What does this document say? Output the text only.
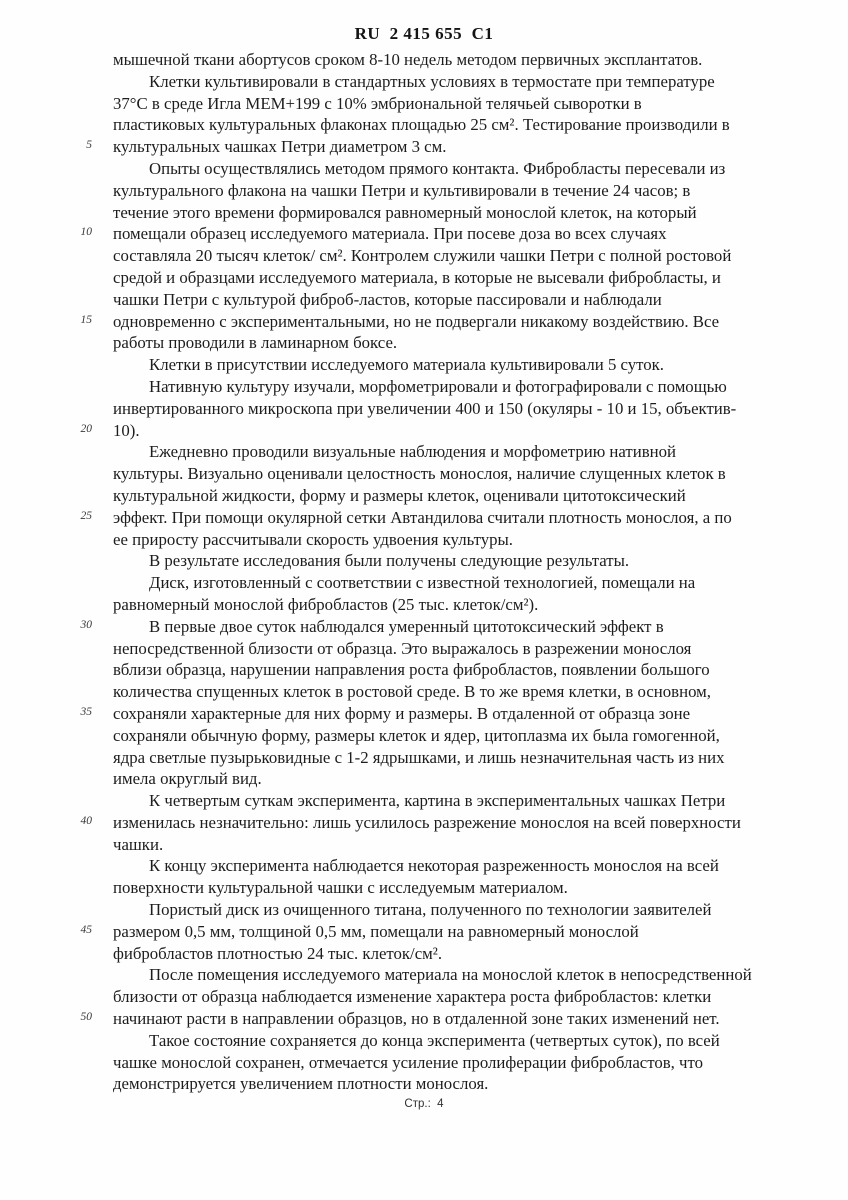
RU  2 415 655  C1
мышечной ткани абортусов сроком 8-10 недель методом первичных эксплантатов.
Клетки культивировали в стандартных условиях в термостате при температуре
37°С в среде Игла МЕМ+199 с 10% эмбриональной телячьей сыворотки в
пластиковых культуральных флаконах площадью 25 см². Тестирование производили в
5 культуральных чашках Петри диаметром 3 см.
Опыты осуществлялись методом прямого контакта. Фибробласты пересевали из
культурального флакона на чашки Петри и культивировали в течение 24 часов; в
течение этого времени формировался равномерный монослой клеток, на который
10 помещали образец исследуемого материала. При посеве доза во всех случаях
составляла 20 тысяч клеток/ см². Контролем служили чашки Петри с полной ростовой
средой и образцами исследуемого материала, в которые не высевали фибробласты, и
чашки Петри с культурой фиброб-ластов, которые пассировали и наблюдали
15 одновременно с экспериментальными, но не подвергали никакому воздействию. Все
работы проводили в ламинарном боксе.
Клетки в присутствии исследуемого материала культивировали 5 суток.
Нативную культуру изучали, морфометрировали и фотографировали с помощью
инвертированного микроскопа при увеличении 400 и 150 (окуляры - 10 и 15, объектив-
20 10).
Ежедневно проводили визуальные наблюдения и морфометрию нативной
культуры. Визуально оценивали целостность монослоя, наличие слущенных клеток в
культуральной жидкости, форму и размеры клеток, оценивали цитотоксический
25 эффект. При помощи окулярной сетки Автандилова считали плотность монослоя, а по
ее приросту рассчитывали скорость удвоения культуры.
В результате исследования были получены следующие результаты.
Диск, изготовленный с соответствии с известной технологией, помещали на
равномерный монослой фибробластов (25 тыс. клеток/см²).
30	В первые двое суток наблюдался умеренный цитотоксический эффект в
непосредственной близости от образца. Это выражалось в разрежении монослоя
вблизи образца, нарушении направления роста фибробластов, появлении большого
количества спущенных клеток в ростовой среде. В то же время клетки, в основном,
35 сохраняли характерные для них форму и размеры. В отдаленной от образца зоне
сохраняли обычную форму, размеры клеток и ядер, цитоплазма их была гомогенной,
ядра светлые пузырьковидные с 1-2 ядрышками, и лишь незначительная часть из них
имела округлый вид.
К четвертым суткам эксперимента, картина в экспериментальных чашках Петри
40 изменилась незначительно: лишь усилилось разрежение монослоя на всей поверхности
чашки.
К концу эксперимента наблюдается некоторая разреженность монослоя на всей
поверхности культуральной чашки с исследуемым материалом.
Пористый диск из очищенного титана, полученного по технологии заявителей
45 размером 0,5 мм, толщиной 0,5 мм, помещали на равномерный монослой
фибробластов плотностью 24 тыс. клеток/см².
После помещения исследуемого материала на монослой клеток в непосредственной
близости от образца наблюдается изменение характера роста фибробластов: клетки
50 начинают расти в направлении образцов, но в отдаленной зоне таких изменений нет.
Такое состояние сохраняется до конца эксперимента (четвертых суток), по всей
чашке монослой сохранен, отмечается усиление пролиферации фибробластов, что
демонстрируется увеличением плотности монослоя.
Стр.:  4
